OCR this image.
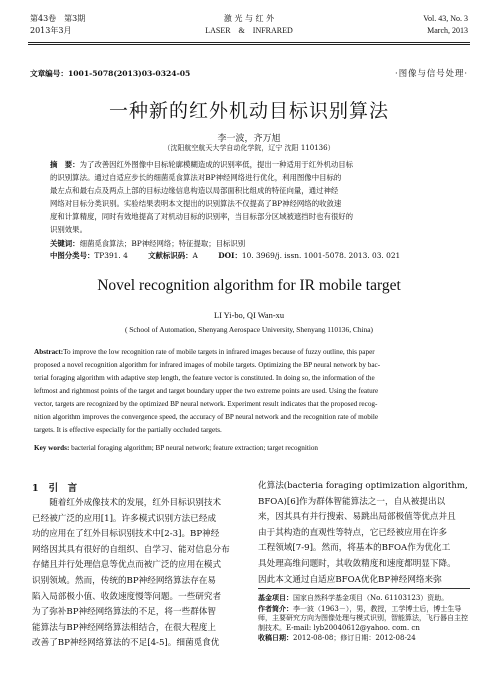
第43卷　第3期
2013年3月
激 光 与 红 外
LASER　&　INFRARED
Vol. 43, No. 3
March, 2013
文章编号：1001-5078(2013)03-0324-05	·图像与信号处理·
一种新的红外机动目标识别算法
李一波，齐万旭
（沈阳航空航天大学自动化学院，辽宁 沈阳 110136）
摘　要：为了改善因红外图像中目标轮廓模糊造成的识别率低，提出一种适用于红外机动目标
的识别算法。通过自适应步长的细菌觅食算法对BP神经网络进行优化，利用图像中目标的
最左点和最右点及两点上部的目标边缘信息构造以局部面积比组成的特征向量，通过神经
网络对目标分类识别。实验结果表明本文提出的识别算法不仅提高了BP神经网络的收敛速
度和计算精度，同时有效地提高了对机动目标的识别率，当目标部分区域被遮挡时也有很好的
识别效果。
关键词：细菌觅食算法；BP神经网络；特征提取；目标识别
中图分类号：TP391. 4	文献标识码：A	DOI：10. 3969/j. issn. 1001-5078. 2013. 03. 021
Novel recognition algorithm for IR mobile target
LI Yi-bo, QI Wan-xu
( School of Automation, Shenyang Aerospace University, Shenyang 110136, China)
Abstract:To improve the low recognition rate of mobile targets in infrared images because of fuzzy outline, this paper
proposed a novel recognition algorithm for infrared images of mobile targets. Optimizing the BP neural network by bac-
terial foraging algorithm with adaptive step length, the feature vector is constituted. In doing so, the information of the
leftmost and rightmost points of the target and target boundary upper the two extreme points are used. Using the feature
vector, targets are recognized by the optimized BP neural network. Experiment result indicates that the proposed recog-
nition algorithm improves the convergence speed, the accuracy of BP neural network and the recognition rate of mobile
targets. It is effective especially for the partially occluded targets.
Key words: bacterial foraging algorithm; BP neural network; feature extraction; target recognition
1 引　言
　　随着红外成像技术的发展，红外目标识别技术
已经被广泛的应用[1]。许多模式识别方法已经成
功的应用在了红外目标识别技术中[2-3]。BP神经
网络因其具有很好的自组织、自学习、能对信息分布
存储且并行处理信息等优点而被广泛的应用在模式
识别领域。然而，传统的BP神经网络算法存在易
陷入局部极小值、收敛速度慢等问题。一些研究者
为了弥补BP神经网络算法的不足，将一些群体智
能算法与BP神经网络算法相结合，在很大程度上
改善了BP神经网络算法的不足[4-5]。细菌觅食优
化算法(bacteria foraging optimization algorithm,
BFOA)[6]作为群体智能算法之一，自从被提出以
来，因其具有并行搜索、易跳出局部极值等优点并且
由于其构造的直观性等特点，它已经被应用在许多
工程领域[7-9]。然而，将基本的BFOA作为优化工
具处理高维问题时，其收敛精度和速度都明显下降。
因此本文通过自适应BFOA优化BP神经网络来弥
基金项目：国家自然科学基金项目（No. 61103123）资助。
作者简介：李一波（1963－），男，教授，工学博士后，博士生导
师，主要研究方向为图像处理与模式识别，智能算法，飞行器自主控
制技术。E-mail: lyb20040612@yahoo. com. cn
收稿日期：2012-08-08；修订日期：2012-08-24
